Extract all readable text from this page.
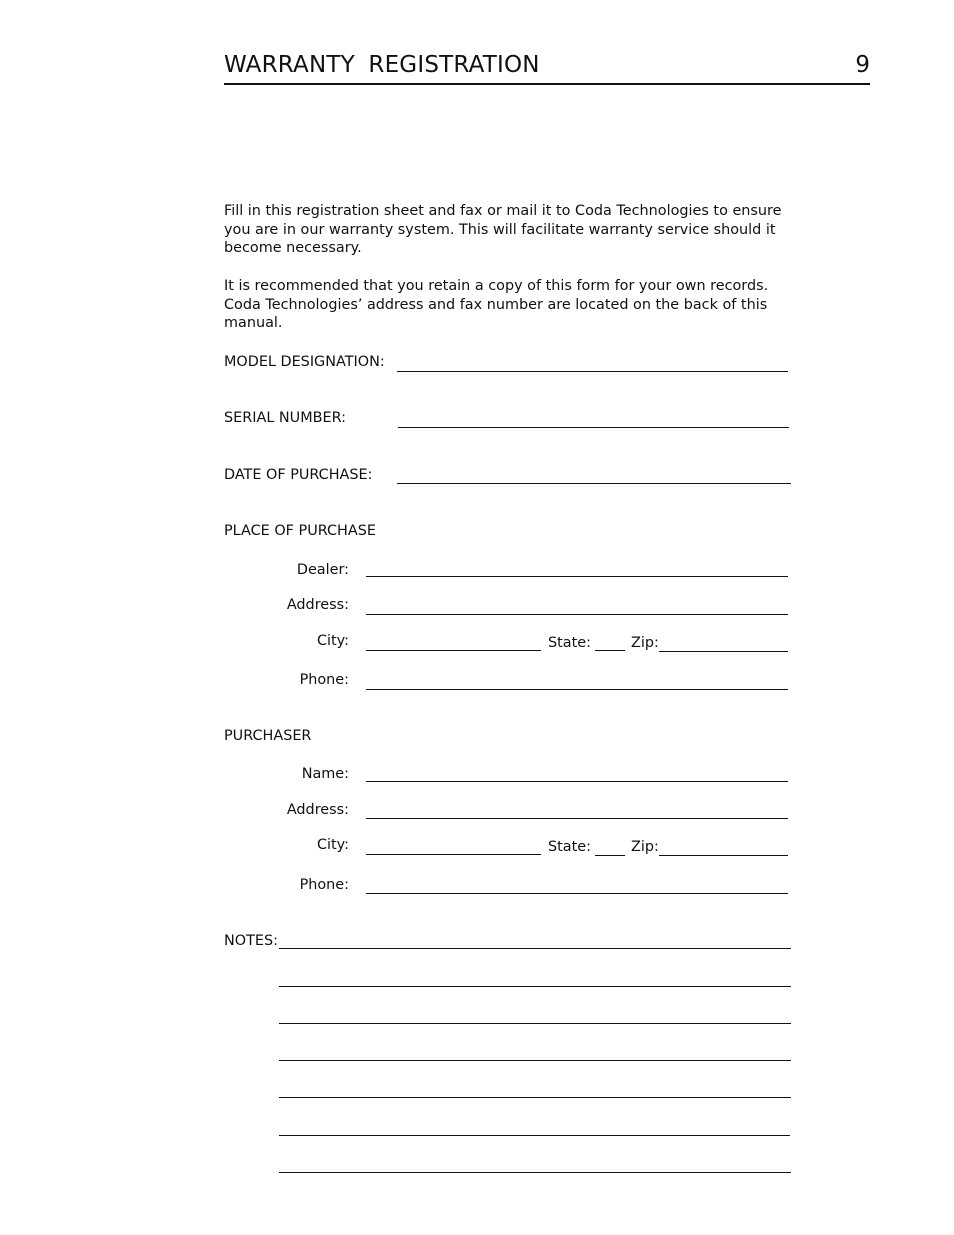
WARRANTY REGISTRATION	9

Fill in this registration sheet and fax or mail it to Coda Technologies to ensure you are in our warranty system. This will facilitate warranty service should it become necessary.

It is recommended that you retain a copy of this form for your own records. Coda Technologies’ address and fax number are located on the back of this manual.

MODEL DESIGNATION:
SERIAL NUMBER:
DATE OF PURCHASE:
PLACE OF PURCHASE
Dealer:
Address:
City:	State:	Zip:
Phone:
PURCHASER
Name:
Address:
City:	State:	Zip:
Phone:
NOTES:
